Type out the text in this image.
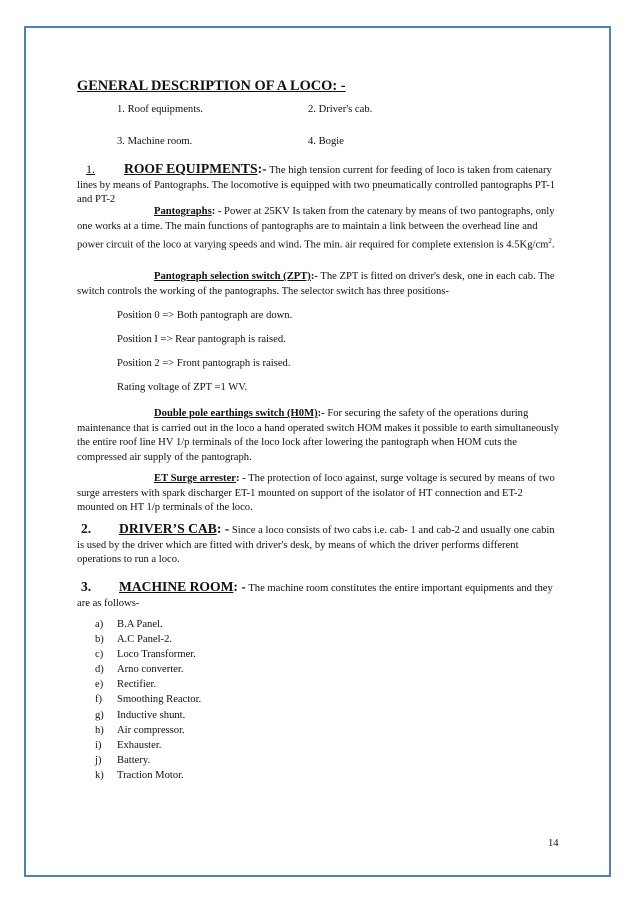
GENERAL DESCRIPTION OF A LOCO: -
1. Roof equipments.	2. Driver's cab.
3. Machine room.	4. Bogie
1. ROOF EQUIPMENTS:- The high tension current for feeding of loco is taken from catenary lines by means of Pantographs. The locomotive is equipped with two pneumatically controlled pantographs PT-1 and PT-2
Pantographs: - Power at 25KV Is taken from the catenary by means of two pantographs, only one works at a time. The main functions of pantographs are to maintain a link between the overhead line and power circuit of the loco at varying speeds and wind. The min. air required for complete extension is $4.5Kg/cm^2$.
Pantograph selection switch (ZPT):- The ZPT is fitted on driver's desk, one in each cab. The switch controls the working of the pantographs. The selector switch has three positions-
Position 0 => Both pantograph are down.
Position I => Rear pantograph is raised.
Position 2 => Front pantograph is raised.
Rating voltage of ZPT =1 WV.
Double pole earthings switch (H0M):- For securing the safety of the operations during maintenance that is carried out in the loco a hand operated switch HOM makes it possible to earth simultaneously the entire roof line HV 1/p terminals of the loco lock after lowering the pantograph when HOM cuts the compressed air supply of the pantograph.
ET Surge arrester: - The protection of loco against, surge voltage is secured by means of two surge arresters with spark discharger ET-1 mounted on support of the isolator of HT connection and ET-2 mounted on HT 1/p terminals of the loco.
2. DRIVER’S CAB: - Since a loco consists of two cabs i.e. cab- 1 and cab-2 and usually one cabin is used by the driver which are fitted with driver's desk, by means of which the driver performs different operations to run a loco.
3. MACHINE ROOM: - The machine room constitutes the entire important equipments and they are as follows-
a)	B.A Panel.
b)	A.C Panel-2.
c)	Loco Transformer.
d)	Arno converter.
e)	Rectifier.
f)	Smoothing Reactor.
g)	Inductive shunt.
h)	Air compressor.
i)	Exhauster.
j)	Battery.
k)	Traction Motor.
14
